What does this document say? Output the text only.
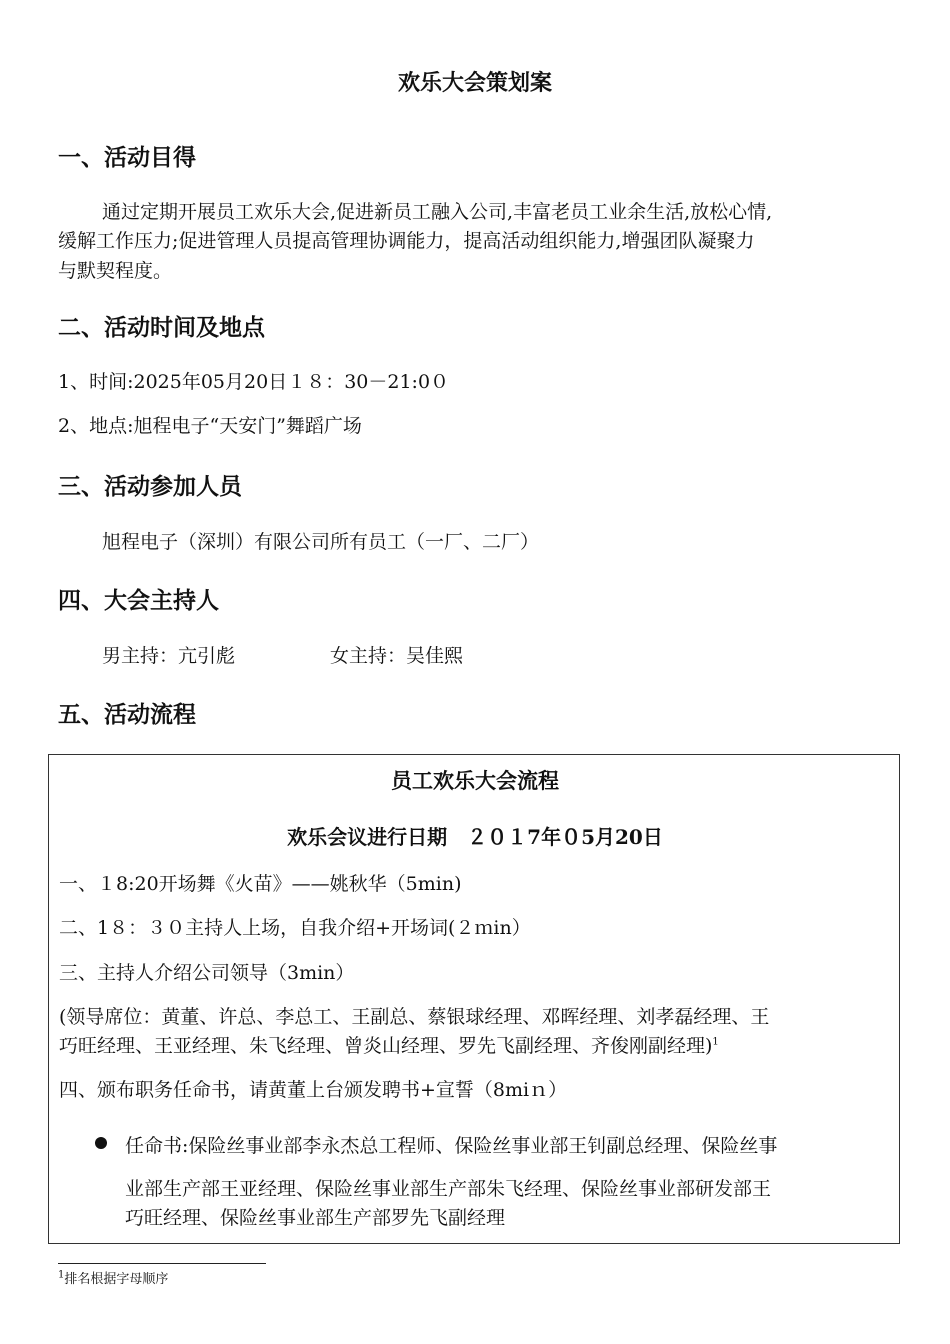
欢乐大会策划案
一、活动目得
通过定期开展员工欢乐大会,促进新员工融入公司,丰富老员工业余生活,放松心情,
缓解工作压力;促进管理人员提高管理协调能力，提高活动组织能力,增强团队凝聚力
与默契程度。
二、活动时间及地点
1、时间:2025年05月20日１８：30－21:0０
2、地点:旭程电子“天安门”舞蹈广场
三、活动参加人员
旭程电子（深圳）有限公司所有员工（一厂、二厂）
四、大会主持人
男主持：亢引彪	女主持：吴佳熙
五、活动流程
员工欢乐大会流程
欢乐会议进行日期　２０１7年０5月20日
一、１8:20开场舞《火苗》——姚秋华（5min)
二、1８：３０主持人上场，自我介绍+开场词(２ｍin）
三、主持人介绍公司领导（3min）
(领导席位：黄董、许总、李总工、王副总、蔡银球经理、邓晖经理、刘孝磊经理、王
巧旺经理、王亚经理、朱飞经理、曾炎山经理、罗先飞副经理、齐俊刚副经理)$^1$
四、颁布职务任命书，请黄董上台颁发聘书+宣誓（8miｎ）
任命书:保险丝事业部李永杰总工程师、保险丝事业部王钊副总经理、保险丝事
业部生产部王亚经理、保险丝事业部生产部朱飞经理、保险丝事业部研发部王
巧旺经理、保险丝事业部生产部罗先飞副经理
$^1$排名根据字母顺序
